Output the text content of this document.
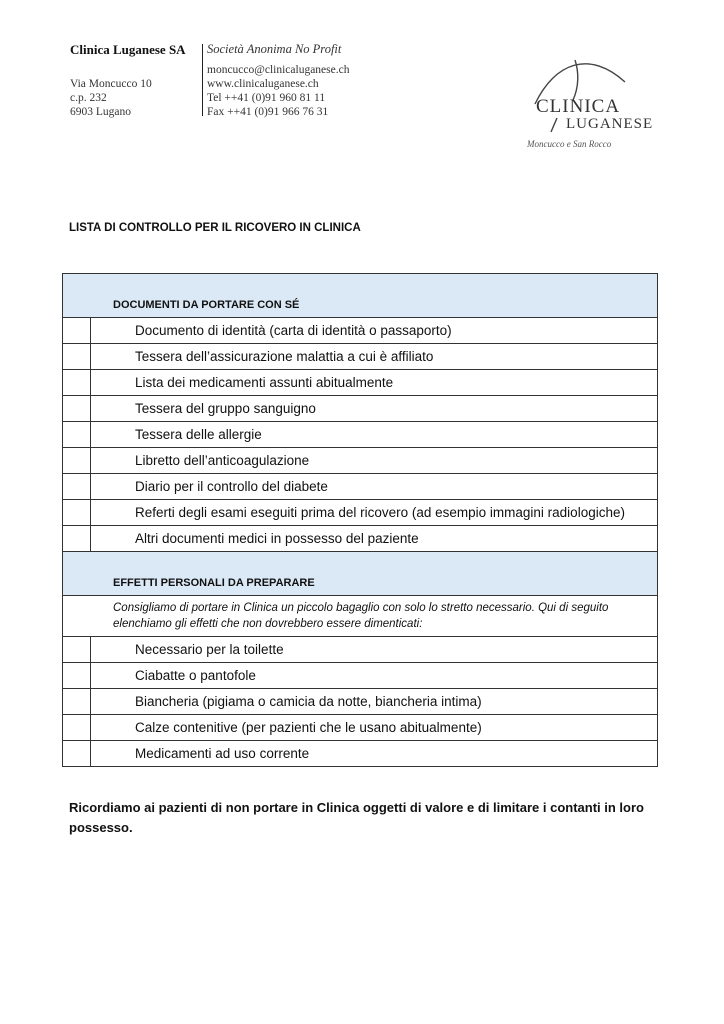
Clinica Luganese SA
Via Moncucco 10
c.p. 232
6903 Lugano
Società Anonima No Profit
moncucco@clinicaluganese.ch
www.clinicaluganese.ch
Tel ++41 (0)91 960 81 11
Fax ++41 (0)91 966 76 31	CLINICA
LUGANESE
Moncucco e San Rocco
LISTA DI CONTROLLO PER IL RICOVERO IN CLINICA
DOCUMENTI DA PORTARE CON SÉ	

	Documento di identità (carta di identità o passaporto)
	Tessera dell’assicurazione malattia a cui è affiliato
	Lista dei medicamenti assunti abitualmente
	Tessera del gruppo sanguigno
	Tessera delle allergie
	Libretto dell’anticoagulazione
	Diario per il controllo del diabete
	Referti degli esami eseguiti prima del ricovero (ad esempio immagini radiologiche)
	Altri documenti medici in possesso del paziente

EFFETTI PERSONALI DA PREPARARE	

Consigliamo di portare in Clinica un piccolo bagaglio con solo lo stretto necessario. Qui di seguito elenchiamo gli effetti che non dovrebbero essere dimenticati:	

	Necessario per la toilette
	Ciabatte o pantofole
	Biancheria (pigiama o camicia da notte, biancheria intima)
	Calze contenitive (per pazienti che le usano abitualmente)
	Medicamenti ad uso corrente
Ricordiamo ai pazienti di non portare in Clinica oggetti di valore e di limitare i contanti in loro possesso.
